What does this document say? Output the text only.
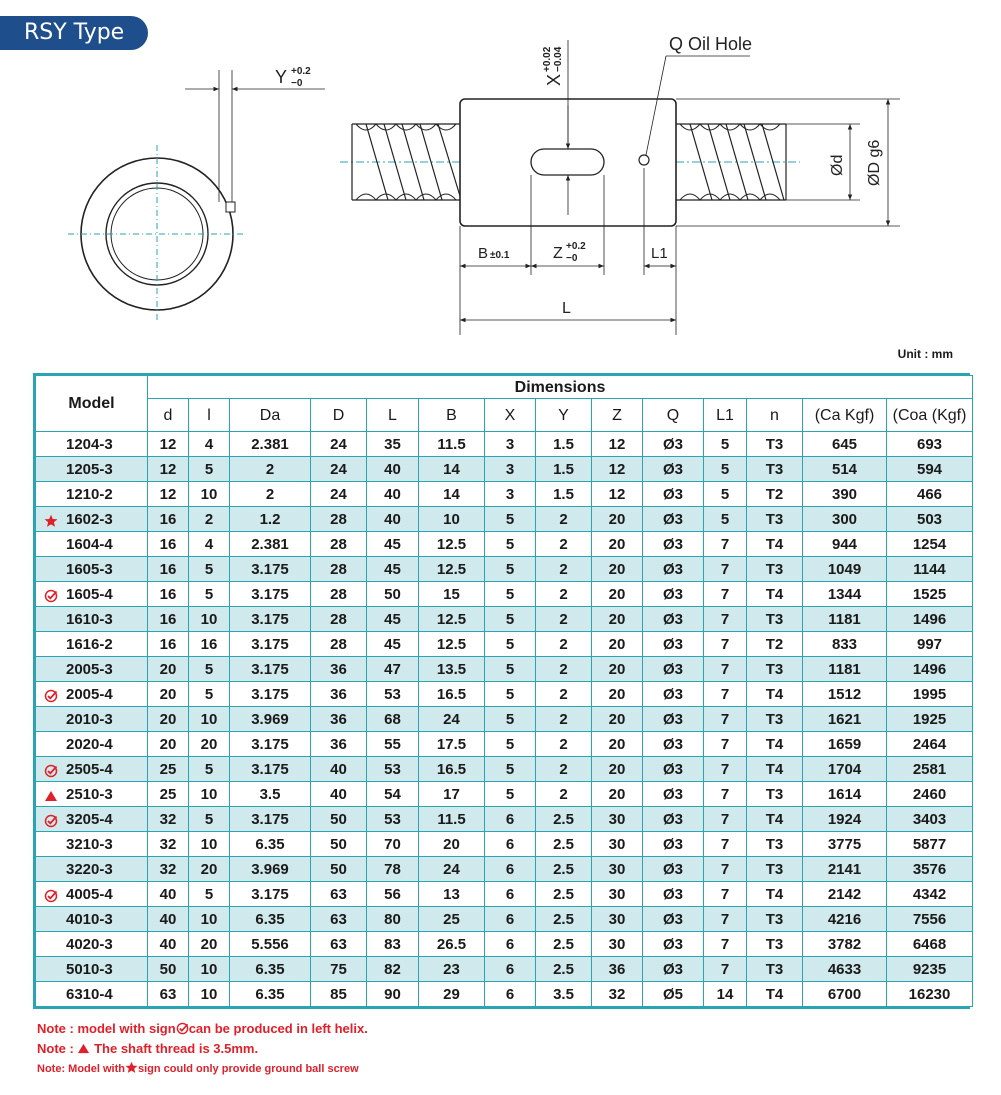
RSY Type
Y +0.2
−0	X
+0.02 −0.04
Q Oil Hole
Ød ØD g6
B ±0.1	Z +0.2
−0	L1
L
Unit : mm
Model	Dimensions													
	d	l	Da	D	L	B	X	Y	Z	Q	L1	n	(Ca Kgf)	(Coa (Kgf)
1204-3	12	4	2.381	24	35	11.5	3	1.5	12	Ø3	5	T3	645	693
1205-3	12	5	2	24	40	14	3	1.5	12	Ø3	5	T3	514	594
1210-2	12	10	2	24	40	14	3	1.5	12	Ø3	5	T2	390	466

1602-3	16	2	1.2	28	40	10	5	2	20	Ø3	5	T3	300	503
1604-4	16	4	2.381	28	45	12.5	5	2	20	Ø3	7	T4	944	1254
1605-3	16	5	3.175	28	45	12.5	5	2	20	Ø3	7	T3	1049	1144

1605-4	16	5	3.175	28	50	15	5	2	20	Ø3	7	T4	1344	1525
1610-3	16	10	3.175	28	45	12.5	5	2	20	Ø3	7	T3	1181	1496
1616-2	16	16	3.175	28	45	12.5	5	2	20	Ø3	7	T2	833	997
2005-3	20	5	3.175	36	47	13.5	5	2	20	Ø3	7	T3	1181	1496

2005-4	20	5	3.175	36	53	16.5	5	2	20	Ø3	7	T4	1512	1995
2010-3	20	10	3.969	36	68	24	5	2	20	Ø3	7	T3	1621	1925
2020-4	20	20	3.175	36	55	17.5	5	2	20	Ø3	7	T4	1659	2464

2505-4	25	5	3.175	40	53	16.5	5	2	20	Ø3	7	T4	1704	2581

2510-3	25	10	3.5	40	54	17	5	2	20	Ø3	7	T3	1614	2460

3205-4	32	5	3.175	50	53	11.5	6	2.5	30	Ø3	7	T4	1924	3403
3210-3	32	10	6.35	50	70	20	6	2.5	30	Ø3	7	T3	3775	5877
3220-3	32	20	3.969	50	78	24	6	2.5	30	Ø3	7	T3	2141	3576

4005-4	40	5	3.175	63	56	13	6	2.5	30	Ø3	7	T4	2142	4342
4010-3	40	10	6.35	63	80	25	6	2.5	30	Ø3	7	T3	4216	7556
4020-3	40	20	5.556	63	83	26.5	6	2.5	30	Ø3	7	T3	3782	6468
5010-3	50	10	6.35	75	82	23	6	2.5	36	Ø3	7	T3	4633	9235
6310-4	63	10	6.35	85	90	29	6	3.5	32	Ø5	14	T4	6700	16230
Note : model with sign can be produced in left helix.
Note : The shaft thread is 3.5mm.
Note: Model with sign could only provide ground ball screw
